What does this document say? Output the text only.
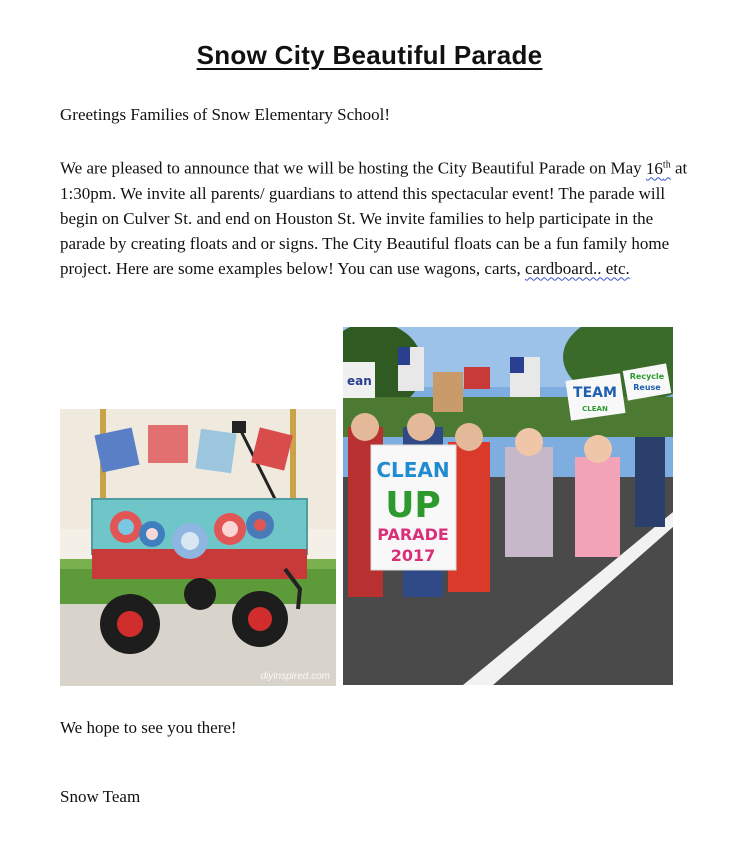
Snow City Beautiful Parade

Greetings Families of Snow Elementary School!

We are pleased to announce that we will be hosting the City Beautiful Parade on May 16th at 1:30pm. We invite all parents/ guardians to attend this spectacular event! The parade will begin on Culver St. and end on Houston St. We invite families to help participate in the parade by creating floats and or signs. The City Beautiful floats can be a fun family home project. Here are some examples below! You can use wagons, carts, cardboard.. etc.

diyinspired.com
CLEAN
UP
PARADE
2017
TEAM
CLEAN
Recycle
Reuse
ean

We hope to see you there!

Snow Team
